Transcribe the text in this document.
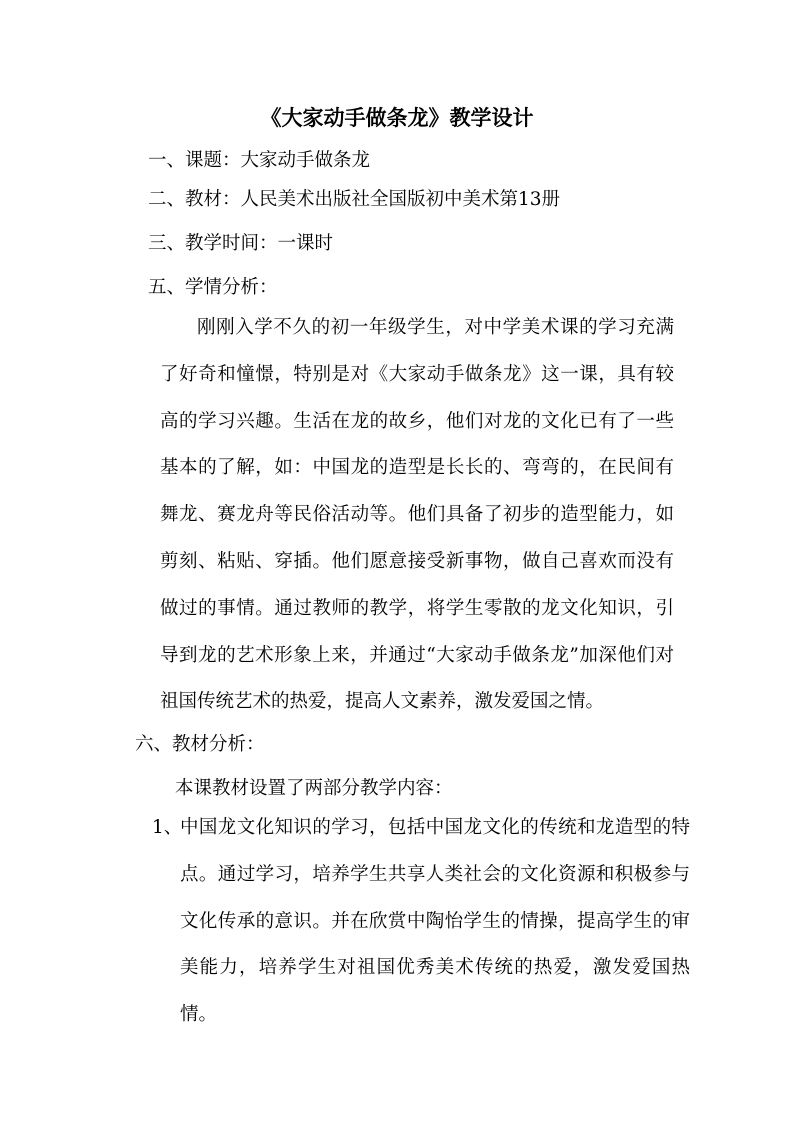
《大家动手做条龙》教学设计
一、课题：大家动手做条龙
二、教材：人民美术出版社全国版初中美术第13册
三、教学时间：一课时
五、学情分析：
刚刚入学不久的初一年级学生，对中学美术课的学习充满了好奇和憧憬，特别是对《大家动手做条龙》这一课，具有较高的学习兴趣。生活在龙的故乡，他们对龙的文化已有了一些基本的了解，如：中国龙的造型是长长的、弯弯的，在民间有舞龙、赛龙舟等民俗活动等。他们具备了初步的造型能力，如剪刻、粘贴、穿插。他们愿意接受新事物，做自己喜欢而没有做过的事情。通过教师的教学，将学生零散的龙文化知识，引导到龙的艺术形象上来，并通过“大家动手做条龙”加深他们对祖国传统艺术的热爱，提高人文素养，激发爱国之情。
六、教材分析：
本课教材设置了两部分教学内容：
1、
中国龙文化知识的学习，包括中国龙文化的传统和龙造型的特点。通过学习，培养学生共享人类社会的文化资源和积极参与文化传承的意识。并在欣赏中陶怡学生的情操，提高学生的审美能力，培养学生对祖国优秀美术传统的热爱，激发爱国热情。
